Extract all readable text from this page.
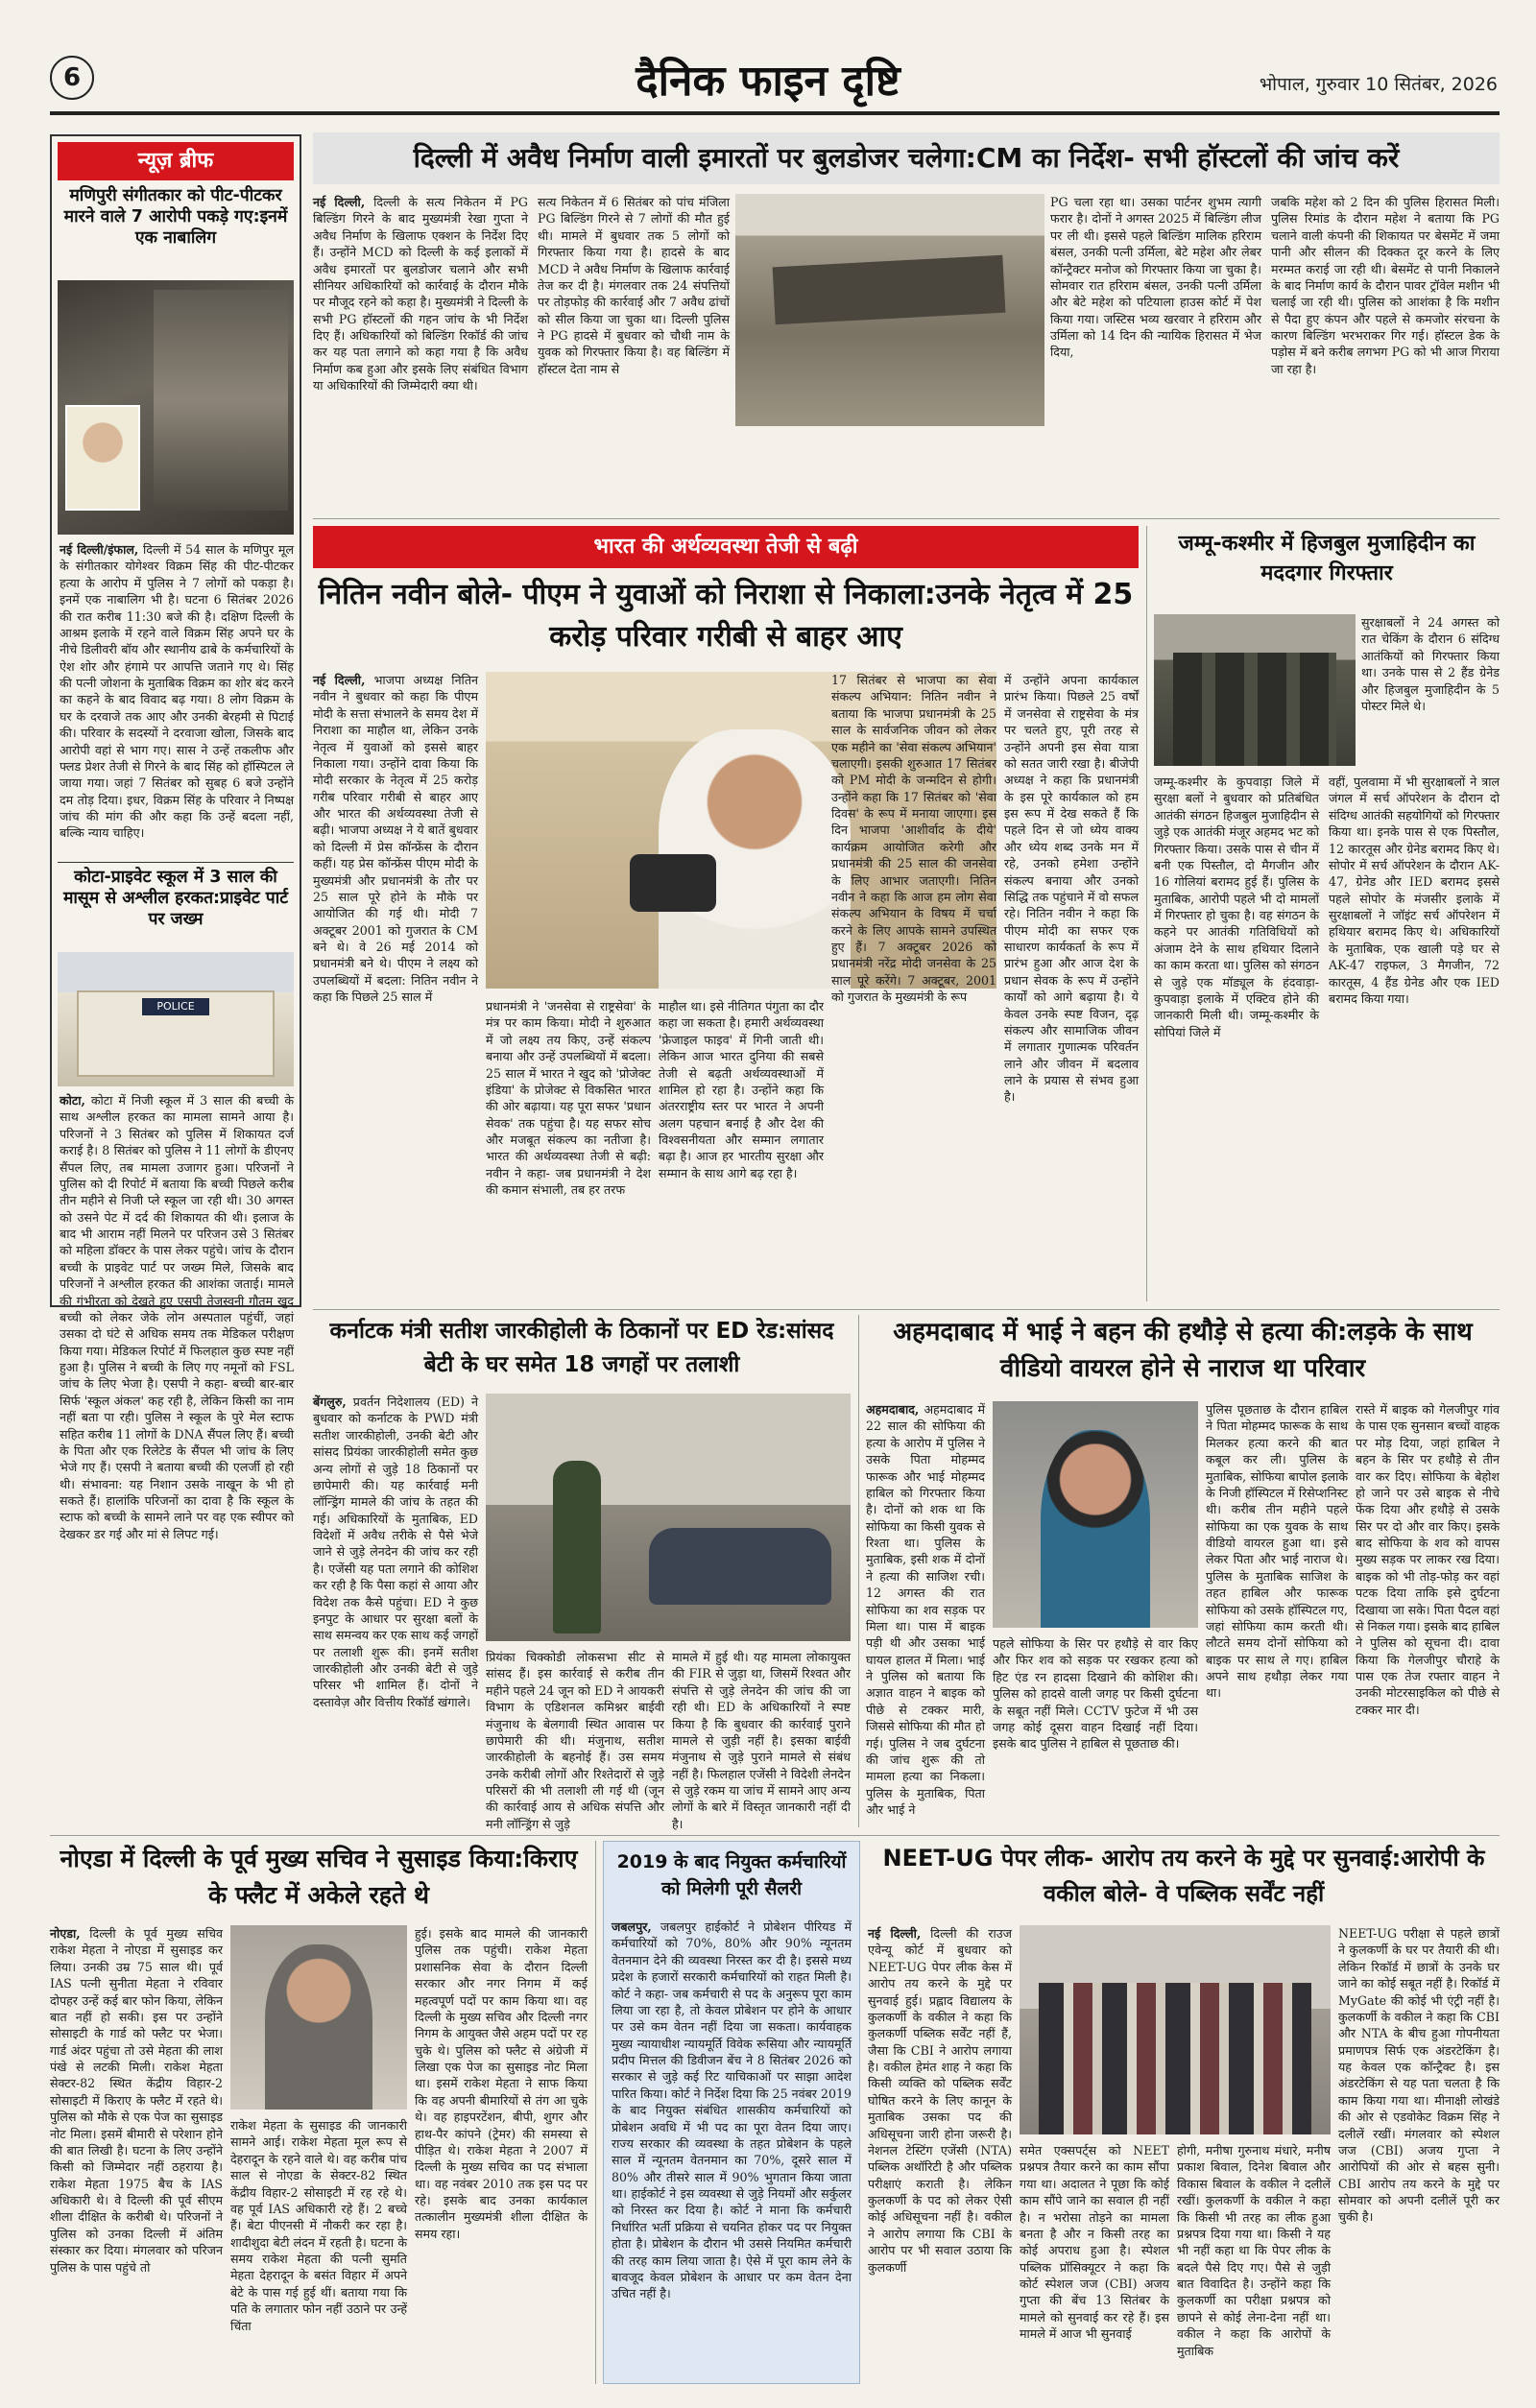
6	दैनिक फाइन दृष्टि	भोपाल, गुरुवार 10 सितंबर, 2026
न्यूज़ ब्रीफ
मणिपुरी संगीतकार को पीट-पीटकर मारने वाले 7 आरोपी पकड़े गए:इनमें एक नाबालिग
नई दिल्ली/इंफाल, दिल्ली में 54 साल के मणिपुर मूल के संगीतकार योगेश्वर विक्रम सिंह की पीट-पीटकर हत्या के आरोप में पुलिस ने 7 लोगों को पकड़ा है। इनमें एक नाबालिग भी है। घटना 6 सितंबर 2026 की रात करीब 11:30 बजे की है। दक्षिण दिल्ली के आश्रम इलाके में रहने वाले विक्रम सिंह अपने घर के नीचे डिलीवरी बॉय और स्थानीय ढाबे के कर्मचारियों के ऐश शोर और हंगामे पर आपत्ति जताने गए थे। सिंह की पत्नी जोशना के मुताबिक विक्रम का शोर बंद करने का कहने के बाद विवाद बढ़ गया। 8 लोग विक्रम के घर के दरवाजे तक आए और उनकी बेरहमी से पिटाई की। परिवार के सदस्यों ने दरवाजा खोला, जिसके बाद आरोपी वहां से भाग गए। सास ने उन्हें तकलीफ और फ्लड प्रेशर तेजी से गिरने के बाद सिंह को हॉस्पिटल ले जाया गया। जहां 7 सितंबर को सुबह 6 बजे उन्होंने दम तोड़ दिया। इधर, विक्रम सिंह के परिवार ने निष्पक्ष जांच की मांग की और कहा कि उन्हें बदला नहीं, बल्कि न्याय चाहिए।
कोटा-प्राइवेट स्कूल में 3 साल की मासूम से अश्लील हरकत:प्राइवेट पार्ट पर जख्म
POLICE
कोटा, कोटा में निजी स्कूल में 3 साल की बच्ची के साथ अश्लील हरकत का मामला सामने आया है। परिजनों ने 3 सितंबर को पुलिस में शिकायत दर्ज कराई है। 8 सितंबर को पुलिस ने 11 लोगों के डीएनए सैंपल लिए, तब मामला उजागर हुआ। परिजनों ने पुलिस को दी रिपोर्ट में बताया कि बच्ची पिछले करीब तीन महीने से निजी प्ले स्कूल जा रही थी। 30 अगस्त को उसने पेट में दर्द की शिकायत की थी। इलाज के बाद भी आराम नहीं मिलने पर परिजन उसे 3 सितंबर को महिला डॉक्टर के पास लेकर पहुंचे। जांच के दौरान बच्ची के प्राइवेट पार्ट पर जख्म मिले, जिसके बाद परिजनों ने अश्लील हरकत की आशंका जताई। मामले की गंभीरता को देखते हुए एसपी तेजस्वनी गौतम खुद बच्ची को लेकर जेके लोन अस्पताल पहुंचीं, जहां उसका दो घंटे से अधिक समय तक मेडिकल परीक्षण किया गया। मेडिकल रिपोर्ट में फिलहाल कुछ स्पष्ट नहीं हुआ है। पुलिस ने बच्ची के लिए गए नमूनों को FSL जांच के लिए भेजा है। एसपी ने कहा- बच्ची बार-बार सिर्फ 'स्कूल अंकल' कह रही है, लेकिन किसी का नाम नहीं बता पा रही। पुलिस ने स्कूल के पुरे मेल स्टाफ सहित करीब 11 लोगों के DNA सैंपल लिए हैं। बच्ची के पिता और एक रिलेटेड के सैंपल भी जांच के लिए भेजे गए हैं। एसपी ने बताया बच्ची की एलर्जी हो रही थी। संभावना: यह निशान उसके नाखून के भी हो सकते हैं। हालांकि परिजनों का दावा है कि स्कूल के स्टाफ को बच्ची के सामने लाने पर वह एक स्वीपर को देखकर डर गई और मां से लिपट गई।
दिल्ली में अवैध निर्माण वाली इमारतों पर बुलडोजर चलेगा:CM का निर्देश- सभी हॉस्टलों की जांच करें
नई दिल्ली, दिल्ली के सत्य निकेतन में PG बिल्डिंग गिरने के बाद मुख्यमंत्री रेखा गुप्ता ने अवैध निर्माण के खिलाफ एक्शन के निर्देश दिए हैं। उन्होंने MCD को दिल्ली के कई इलाकों में अवैध इमारतों पर बुलडोजर चलाने और सभी सीनियर अधिकारियों को कार्रवाई के दौरान मौके पर मौजूद रहने को कहा है। मुख्यमंत्री ने दिल्ली के सभी PG हॉस्टलों की गहन जांच के भी निर्देश दिए हैं। अधिकारियों को बिल्डिंग रिकॉर्ड की जांच कर यह पता लगाने को कहा गया है कि अवैध निर्माण कब हुआ और इसके लिए संबंधित विभाग या अधिकारियों की जिम्मेदारी क्या थी।
सत्य निकेतन में 6 सितंबर को पांच मंजिला PG बिल्डिंग गिरने से 7 लोगों की मौत हुई थी। मामले में बुधवार तक 5 लोगों को गिरफ्तार किया गया है। हादसे के बाद MCD ने अवैध निर्माण के खिलाफ कार्रवाई तेज कर दी है। मंगलवार तक 24 संपत्तियों पर तोड़फोड़ की कार्रवाई और 7 अवैध ढांचों को सील किया जा चुका था। दिल्ली पुलिस ने PG हादसे में बुधवार को चौथी नाम के युवक को गिरफ्तार किया है। वह बिल्डिंग में हॉस्टल देता नाम से
PG चला रहा था। उसका पार्टनर शुभम त्यागी फरार है। दोनों ने अगस्त 2025 में बिल्डिंग लीज पर ली थी। इससे पहले बिल्डिंग मालिक हरिराम बंसल, उनकी पत्नी उर्मिला, बेटे महेश और लेबर कॉन्ट्रैक्टर मनोज को गिरफ्तार किया जा चुका है। सोमवार रात हरिराम बंसल, उनकी पत्नी उर्मिला और बेटे महेश को पटियाला हाउस कोर्ट में पेश किया गया। जस्टिस भव्य खरवार ने हरिराम और उर्मिला को 14 दिन की न्यायिक हिरासत में भेज दिया,
जबकि महेश को 2 दिन की पुलिस हिरासत मिली। पुलिस रिमांड के दौरान महेश ने बताया कि PG चलाने वाली कंपनी की शिकायत पर बेसमेंट में जमा पानी और सीलन की दिक्कत दूर करने के लिए मरम्मत कराई जा रही थी। बेसमेंट से पानी निकालने के बाद निर्माण कार्य के दौरान पावर ट्रॉवेल मशीन भी चलाई जा रही थी। पुलिस को आशंका है कि मशीन से पैदा हुए कंपन और पहले से कमजोर संरचना के कारण बिल्डिंग भरभराकर गिर गई। हॉस्टल डेक के पड़ोस में बने करीब लगभग PG को भी आज गिराया जा रहा है।
भारत की अर्थव्यवस्था तेजी से बढ़ी
नितिन नवीन बोले- पीएम ने युवाओं को निराशा से निकाला:उनके नेतृत्व में 25 करोड़ परिवार गरीबी से बाहर आए
नई दिल्ली, भाजपा अध्यक्ष नितिन नवीन ने बुधवार को कहा कि पीएम मोदी के सत्ता संभालने के समय देश में निराशा का माहौल था, लेकिन उनके नेतृत्व में युवाओं को इससे बाहर निकाला गया। उन्होंने दावा किया कि मोदी सरकार के नेतृत्व में 25 करोड़ गरीब परिवार गरीबी से बाहर आए और भारत की अर्थव्यवस्था तेजी से बढ़ी। भाजपा अध्यक्ष ने ये बातें बुधवार को दिल्ली में प्रेस कॉन्फ्रेंस के दौरान कहीं। यह प्रेस कॉन्फ्रेंस पीएम मोदी के मुख्यमंत्री और प्रधानमंत्री के तौर पर 25 साल पूरे होने के मौके पर आयोजित की गई थी। मोदी 7 अक्टूबर 2001 को गुजरात के CM बने थे। वे 26 मई 2014 को प्रधानमंत्री बने थे। पीएम ने लक्ष्य को उपलब्धियों में बदला: नितिन नवीन ने कहा कि पिछले 25 साल में
प्रधानमंत्री ने 'जनसेवा से राष्ट्रसेवा' के मंत्र पर काम किया। मोदी ने शुरुआत में जो लक्ष्य तय किए, उन्हें संकल्प बनाया और उन्हें उपलब्धियों में बदला। 25 साल में भारत ने खुद को 'प्रोजेक्ट इंडिया' के प्रोजेक्ट से विकसित भारत की ओर बढ़ाया। यह पूरा सफर 'प्रधान सेवक' तक पहुंचा है। यह सफर सोच और मजबूत संकल्प का नतीजा है। भारत की अर्थव्यवस्था तेजी से बढ़ी: नवीन ने कहा- जब प्रधानमंत्री ने देश की कमान संभाली, तब हर तरफ
माहौल था। इसे नीतिगत पंगुता का दौर कहा जा सकता है। हमारी अर्थव्यवस्था 'फ्रेजाइल फाइव' में गिनी जाती थी। लेकिन आज भारत दुनिया की सबसे तेजी से बढ़ती अर्थव्यवस्थाओं में शामिल हो रहा है। उन्होंने कहा कि अंतरराष्ट्रीय स्तर पर भारत ने अपनी अलग पहचान बनाई है और देश की विश्वसनीयता और सम्मान लगातार बढ़ा है। आज हर भारतीय सुरक्षा और सम्मान के साथ आगे बढ़ रहा है।
17 सितंबर से भाजपा का सेवा संकल्प अभियान: नितिन नवीन ने बताया कि भाजपा प्रधानमंत्री के 25 साल के सार्वजनिक जीवन को लेकर एक महीने का 'सेवा संकल्प अभियान' चलाएगी। इसकी शुरुआत 17 सितंबर को PM मोदी के जन्मदिन से होगी। उन्होंने कहा कि 17 सितंबर को 'सेवा दिवस' के रूप में मनाया जाएगा। इस दिन भाजपा 'आशीर्वाद के दीये' कार्यक्रम आयोजित करेगी और प्रधानमंत्री की 25 साल की जनसेवा के लिए आभार जताएगी। नितिन नवीन ने कहा कि आज हम लोग सेवा संकल्प अभियान के विषय में चर्चा करने के लिए आपके सामने उपस्थित हुए हैं। 7 अक्टूबर 2026 को प्रधानमंत्री नरेंद्र मोदी जनसेवा के 25 साल पूरे करेंगे। 7 अक्टूबर, 2001 को गुजरात के मुख्यमंत्री के रूप
में उन्होंने अपना कार्यकाल प्रारंभ किया। पिछले 25 वर्षों में जनसेवा से राष्ट्रसेवा के मंत्र पर चलते हुए, पूरी तरह से उन्होंने अपनी इस सेवा यात्रा को सतत जारी रखा है। बीजेपी अध्यक्ष ने कहा कि प्रधानमंत्री के इस पूरे कार्यकाल को हम इस रूप में देख सकते हैं कि पहले दिन से जो ध्येय वाक्य और ध्येय शब्द उनके मन में रहे, उनको हमेशा उन्होंने संकल्प बनाया और उनको सिद्धि तक पहुंचाने में वो सफल रहे। नितिन नवीन ने कहा कि पीएम मोदी का सफर एक साधारण कार्यकर्ता के रूप में प्रारंभ हुआ और आज देश के प्रधान सेवक के रूप में उन्होंने कार्यों को आगे बढ़ाया है। ये केवल उनके स्पष्ट विजन, दृढ़ संकल्प और सामाजिक जीवन में लगातार गुणात्मक परिवर्तन लाने और जीवन में बदलाव लाने के प्रयास से संभव हुआ है।
जम्मू-कश्मीर में हिजबुल मुजाहिदीन का मददगार गिरफ्तार
सुरक्षाबलों ने 24 अगस्त को रात चेकिंग के दौरान 6 संदिग्ध आतंकियों को गिरफ्तार किया था। उनके पास से 2 हैंड ग्रेनेड और हिजबुल मुजाहिदीन के 5 पोस्टर मिले थे।
जम्मू-कश्मीर के कुपवाड़ा जिले में सुरक्षा बलों ने बुधवार को प्रतिबंधित आतंकी संगठन हिजबुल मुजाहिदीन से जुड़े एक आतंकी मंजूर अहमद भट को गिरफ्तार किया। उसके पास से चीन में बनी एक पिस्तौल, दो मैगजीन और 16 गोलियां बरामद हुई हैं। पुलिस के मुताबिक, आरोपी पहले भी दो मामलों में गिरफ्तार हो चुका है। वह संगठन के कहने पर आतंकी गतिविधियों को अंजाम देने के साथ हथियार दिलाने का काम करता था। पुलिस को संगठन से जुड़े एक मॉड्यूल के हंदवाड़ा-कुपवाड़ा इलाके में एक्टिव होने की जानकारी मिली थी। जम्मू-कश्मीर के सोपियां जिले में
वहीं, पुलवामा में भी सुरक्षाबलों ने त्राल जंगल में सर्च ऑपरेशन के दौरान दो संदिग्ध आतंकी सहयोगियों को गिरफ्तार किया था। इनके पास से एक पिस्तौल, 12 कारतूस और ग्रेनेड बरामद किए थे। सोपोर में सर्च ऑपरेशन के दौरान AK-47, ग्रेनेड और IED बरामद इससे पहले सोपोर के मंजसीर इलाके में सुरक्षाबलों ने जॉइंट सर्च ऑपरेशन में हथियार बरामद किए थे। अधिकारियों के मुताबिक, एक खाली पड़े घर से AK-47 राइफल, 3 मैगजीन, 72 कारतूस, 4 हैंड ग्रेनेड और एक IED बरामद किया गया।
कर्नाटक मंत्री सतीश जारकीहोली के ठिकानों पर ED रेड:सांसद बेटी के घर समेत 18 जगहों पर तलाशी
बेंगलुरु, प्रवर्तन निदेशालय (ED) ने बुधवार को कर्नाटक के PWD मंत्री सतीश जारकीहोली, उनकी बेटी और सांसद प्रियंका जारकीहोली समेत कुछ अन्य लोगों से जुड़े 18 ठिकानों पर छापेमारी की। यह कार्रवाई मनी लॉन्ड्रिंग मामले की जांच के तहत की गई। अधिकारियों के मुताबिक, ED विदेशों में अवैध तरीके से पैसे भेजे जाने से जुड़े लेनदेन की जांच कर रही है। एजेंसी यह पता लगाने की कोशिश कर रही है कि पैसा कहां से आया और विदेश तक कैसे पहुंचा। ED ने कुछ इनपुट के आधार पर सुरक्षा बलों के साथ समन्वय कर एक साथ कई जगहों पर तलाशी शुरू की। इनमें सतीश जारकीहोली और उनकी बेटी से जुड़े परिसर भी शामिल हैं। दोनों ने दस्तावेज़ और वित्तीय रिकॉर्ड खंगाले।
प्रियंका चिक्कोडी लोकसभा सीट से सांसद हैं। इस कार्रवाई से करीब तीन महीने पहले 24 जून को ED ने आयकरी विभाग के एडिशनल कमिश्नर बाईवी मंजुनाथ के बेलगावी स्थित आवास पर छापेमारी की थी। मंजुनाथ, सतीश जारकीहोली के बहनोई हैं। उस समय उनके करीबी लोगों और रिश्तेदारों से जुड़े परिसरों की भी तलाशी ली गई थी (जून की कार्रवाई आय से अधिक संपत्ति और मनी लॉन्ड्रिंग से जुड़े
मामले में हुई थी। यह मामला लोकायुक्त की FIR से जुड़ा था, जिसमें रिश्वत और संपत्ति से जुड़े लेनदेन की जांच की जा रही थी। ED के अधिकारियों ने स्पष्ट किया है कि बुधवार की कार्रवाई पुराने मामले से जुड़ी नहीं है। इसका बाईवी मंजुनाथ से जुड़े पुराने मामले से संबंध नहीं है। फिलहाल एजेंसी ने विदेशी लेनदेन से जुड़े रकम या जांच में सामने आए अन्य लोगों के बारे में विस्तृत जानकारी नहीं दी है।
अहमदाबाद में भाई ने बहन की हथौड़े से हत्या की:लड़के के साथ वीडियो वायरल होने से नाराज था परिवार
अहमदाबाद, अहमदाबाद में 22 साल की सोफिया की हत्या के आरोप में पुलिस ने उसके पिता मोहम्मद फारूक और भाई मोहम्मद हाबिल को गिरफ्तार किया है। दोनों को शक था कि सोफिया का किसी युवक से रिश्ता था। पुलिस के मुताबिक, इसी शक में दोनों ने हत्या की साजिश रची। 12 अगस्त की रात सोफिया का शव सड़क पर मिला था। पास में बाइक पड़ी थी और उसका भाई घायल हालत में मिला। भाई ने पुलिस को बताया कि अज्ञात वाहन ने बाइक को पीछे से टक्कर मारी, जिससे सोफिया की मौत हो गई। पुलिस ने जब दुर्घटना की जांच शुरू की तो मामला हत्या का निकला। पुलिस के मुताबिक, पिता और भाई ने
पहले सोफिया के सिर पर हथौड़े से वार किए और फिर शव को सड़क पर रखकर हत्या को हिट एंड रन हादसा दिखाने की कोशिश की। पुलिस को हादसे वाली जगह पर किसी दुर्घटना के सबूत नहीं मिले। CCTV फुटेज में भी उस जगह कोई दूसरा वाहन दिखाई नहीं दिया। इसके बाद पुलिस ने हाबिल से पूछताछ की।
पुलिस पूछताछ के दौरान हाबिल ने पिता मोहम्मद फारूक के साथ मिलकर हत्या करने की बात कबूल कर ली। पुलिस के मुताबिक, सोफिया बापोल इलाके के निजी हॉस्पिटल में रिसेप्शनिस्ट थी। करीब तीन महीने पहले सोफिया का एक युवक के साथ वीडियो वायरल हुआ था। इसे लेकर पिता और भाई नाराज थे। पुलिस के मुताबिक साजिश के तहत हाबिल और फारूक सोफिया को उसके हॉस्पिटल गए, जहां सोफिया काम करती थी। लौटते समय दोनों सोफिया को बाइक पर साथ ले गए। हाबिल अपने साथ हथौड़ा लेकर गया था।
रास्ते में बाइक को गेलजीपुर गांव के पास एक सुनसान बच्चों वाहक पर मोड़ दिया, जहां हाबिल ने बहन के सिर पर हथौड़े से तीन वार कर दिए। सोफिया के बेहोश हो जाने पर उसे बाइक से नीचे फेंक दिया और हथौड़े से उसके सिर पर दो और वार किए। इसके बाद सोफिया के शव को वापस मुख्य सड़क पर लाकर रख दिया। बाइक को भी तोड़-फोड़ कर वहां पटक दिया ताकि इसे दुर्घटना दिखाया जा सके। पिता पैदल वहां से निकल गया। इसके बाद हाबिल ने पुलिस को सूचना दी। दावा किया कि गेलजीपुर चौराहे के पास एक तेज रफ्तार वाहन ने उनकी मोटरसाइकिल को पीछे से टक्कर मार दी।
नोएडा में दिल्ली के पूर्व मुख्य सचिव ने सुसाइड किया:किराए के फ्लैट में अकेले रहते थे
नोएडा, दिल्ली के पूर्व मुख्य सचिव राकेश मेहता ने नोएडा में सुसाइड कर लिया। उनकी उम्र 75 साल थी। पूर्व IAS पत्नी सुनीता मेहता ने रविवार दोपहर उन्हें कई बार फोन किया, लेकिन बात नहीं हो सकी। इस पर उन्होंने सोसाइटी के गार्ड को फ्लैट पर भेजा। गार्ड अंदर पहुंचा तो उसे मेहता की लाश पंखे से लटकी मिली। राकेश मेहता सेक्टर-82 स्थित केंद्रीय विहार-2 सोसाइटी में किराए के फ्लैट में रहते थे। पुलिस को मौके से एक पेज का सुसाइड नोट मिला। इसमें बीमारी से परेशान होने की बात लिखी है। घटना के लिए उन्होंने किसी को जिम्मेदार नहीं ठहराया है। राकेश मेहता 1975 बैच के IAS अधिकारी थे। वे दिल्ली की पूर्व सीएम शीला दीक्षित के करीबी थे। परिजनों ने पुलिस को उनका दिल्ली में अंतिम संस्कार कर दिया। मंगलवार को परिजन पुलिस के पास पहुंचे तो
राकेश मेहता के सुसाइड की जानकारी सामने आई। राकेश मेहता मूल रूप से देहरादून के रहने वाले थे। वह करीब पांच साल से नोएडा के सेक्टर-82 स्थित केंद्रीय विहार-2 सोसाइटी में रह रहे थे। वह पूर्व IAS अधिकारी रहे हैं। 2 बच्चे हैं। बेटा पीएनसी में नौकरी कर रहा है। शादीशुदा बेटी लंदन में रहती है। घटना के समय राकेश मेहता की पत्नी सुमति मेहता देहरादून के बसंत विहार में अपने बेटे के पास गई हुई थीं। बताया गया कि पति के लगातार फोन नहीं उठाने पर उन्हें चिंता
हुई। इसके बाद मामले की जानकारी पुलिस तक पहुंची। राकेश मेहता प्रशासनिक सेवा के दौरान दिल्ली सरकार और नगर निगम में कई महत्वपूर्ण पदों पर काम किया था। वह दिल्ली के मुख्य सचिव और दिल्ली नगर निगम के आयुक्त जैसे अहम पदों पर रह चुके थे। पुलिस को फ्लैट से अंग्रेजी में लिखा एक पेज का सुसाइड नोट मिला था। इसमें राकेश मेहता ने साफ किया कि वह अपनी बीमारियों से तंग आ चुके थे। वह हाइपरटेंशन, बीपी, शुगर और हाथ-पैर कांपने (ट्रेमर) की समस्या से पीड़ित थे। राकेश मेहता ने 2007 में दिल्ली के मुख्य सचिव का पद संभाला था। वह नवंबर 2010 तक इस पद पर रहे। इसके बाद उनका कार्यकाल तत्कालीन मुख्यमंत्री शीला दीक्षित के समय रहा।
2019 के बाद नियुक्त कर्मचारियों को मिलेगी पूरी सैलरी
जबलपुर, जबलपुर हाईकोर्ट ने प्रोबेशन पीरियड में कर्मचारियों को 70%, 80% और 90% न्यूनतम वेतनमान देने की व्यवस्था निरस्त कर दी है। इससे मध्य प्रदेश के हजारों सरकारी कर्मचारियों को राहत मिली है। कोर्ट ने कहा- जब कर्मचारी से पद के अनुरूप पूरा काम लिया जा रहा है, तो केवल प्रोबेशन पर होने के आधार पर उसे कम वेतन नहीं दिया जा सकता। कार्यवाहक मुख्य न्यायाधीश न्यायमूर्ति विवेक रूसिया और न्यायमूर्ति प्रदीप मित्तल की डिवीजन बेंच ने 8 सितंबर 2026 को सरकार से जुड़े कई रिट याचिकाओं पर साझा आदेश पारित किया। कोर्ट ने निर्देश दिया कि 25 नवंबर 2019 के बाद नियुक्त संबंधित शासकीय कर्मचारियों को प्रोबेशन अवधि में भी पद का पूरा वेतन दिया जाए। राज्य सरकार की व्यवस्था के तहत प्रोबेशन के पहले साल में न्यूनतम वेतनमान का 70%, दूसरे साल में 80% और तीसरे साल में 90% भुगतान किया जाता था। हाईकोर्ट ने इस व्यवस्था से जुड़े नियमों और सर्कुलर को निरस्त कर दिया है। कोर्ट ने माना कि कर्मचारी निर्धारित भर्ती प्रक्रिया से चयनित होकर पद पर नियुक्त होता है। प्रोबेशन के दौरान भी उससे नियमित कर्मचारी की तरह काम लिया जाता है। ऐसे में पूरा काम लेने के बावजूद केवल प्रोबेशन के आधार पर कम वेतन देना उचित नहीं है।
NEET-UG पेपर लीक- आरोप तय करने के मुद्दे पर सुनवाई:आरोपी के वकील बोले- वे पब्लिक सर्वेंट नहीं
नई दिल्ली, दिल्ली की राउज एवेन्यू कोर्ट में बुधवार को NEET-UG पेपर लीक केस में आरोप तय करने के मुद्दे पर सुनवाई हुई। प्रह्लाद विद्यालय के कुलकर्णी के वकील ने कहा कि कुलकर्णी पब्लिक सर्वेंट नहीं हैं, जैसा कि CBI ने आरोप लगाया है। वकील हेमंत शाह ने कहा कि किसी व्यक्ति को पब्लिक सर्वेंट घोषित करने के लिए कानून के मुताबिक उसका पद की अधिसूचना जारी होना जरूरी है। नेशनल टेस्टिंग एजेंसी (NTA) पब्लिक अथॉरिटी है और पब्लिक परीक्षाएं कराती है। लेकिन कुलकर्णी के पद को लेकर ऐसी कोई अधिसूचना नहीं है। वकील ने आरोप लगाया कि CBI के आरोप पर भी सवाल उठाया कि कुलकर्णी
समेत एक्सपर्ट्स को NEET प्रश्नपत्र तैयार करने का काम सौंपा गया था। अदालत ने पूछा कि कोई काम सौंपे जाने का सवाल ही नहीं है। न भरोसा तोड़ने का मामला बनता है और न किसी तरह का कोई अपराध हुआ है। स्पेशल पब्लिक प्रॉसिक्यूटर ने कहा कि कोर्ट स्पेशल जज (CBI) अजय गुप्ता की बेंच 13 सितंबर के मामले को सुनवाई कर रहे हैं। इस मामले में आज भी सुनवाई
होगी, मनीषा गुरुनाथ मंधारे, मनीष प्रकाश बिवाल, दिनेश बिवाल और विकास बिवाल के वकील ने दलीलें रखीं। कुलकर्णी के वकील ने कहा कि किसी भी तरह का लीक हुआ प्रश्नपत्र दिया गया था। किसी ने यह भी नहीं कहा था कि पेपर लीक के बदले पैसे दिए गए। पैसे से जुड़ी बात विवादित है। उन्होंने कहा कि कुलकर्णी का परीक्षा प्रश्नपत्र को छापने से कोई लेना-देना नहीं था। वकील ने कहा कि आरोपों के मुताबिक
NEET-UG परीक्षा से पहले छात्रों ने कुलकर्णी के घर पर तैयारी की थी। लेकिन रिकॉर्ड में छात्रों के उनके घर जाने का कोई सबूत नहीं है। रिकॉर्ड में MyGate की कोई भी एंट्री नहीं है। कुलकर्णी के वकील ने कहा कि CBI और NTA के बीच हुआ गोपनीयता प्रमाणपत्र सिर्फ एक अंडरटेकिंग है। यह केवल एक कॉन्ट्रैक्ट है। इस अंडरटेकिंग से यह पता चलता है कि काम किया गया था। मीनाक्षी लोखंडे की ओर से एडवोकेट विक्रम सिंह ने दलीलें रखीं। मंगलवार को स्पेशल जज (CBI) अजय गुप्ता ने आरोपियों की ओर से बहस सुनी। CBI आरोप तय करने के मुद्दे पर सोमवार को अपनी दलीलें पूरी कर चुकी है।
